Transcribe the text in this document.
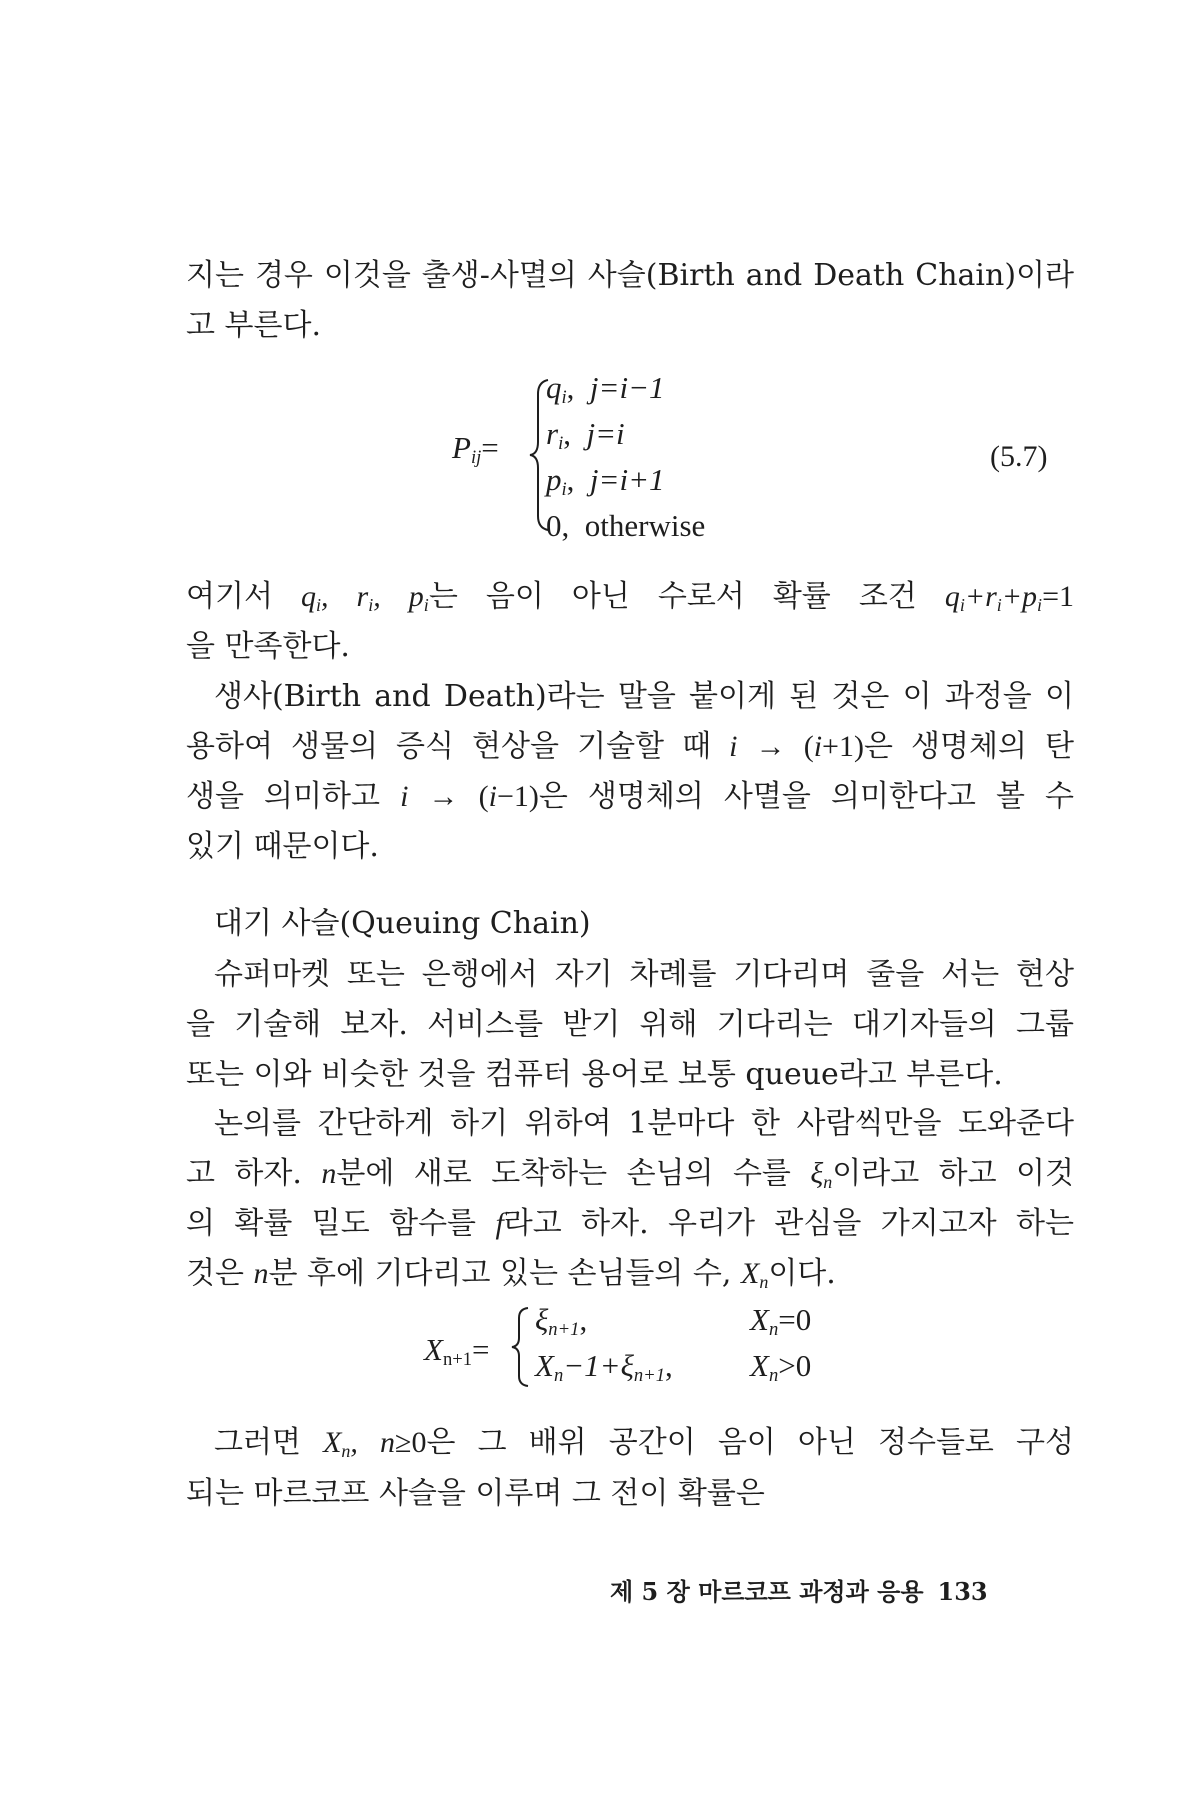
지는 경우 이것을 출생-사멸의 사슬(Birth and Death Chain)이라
고 부른다.
$P_{ij}=$
$q_i$,  j=i−1
$r_i$,  j=i
$p_i$,  j=i+1
0,  otherwise
(5.7)
여기서 $q_i$, $r_i$, $p_i$는 음이 아닌 수로서 확률 조건 $q_i+r_i+p_i=1$
을 만족한다.
생사(Birth and Death)라는 말을 붙이게 된 것은 이 과정을 이
용하여 생물의 증식 현상을 기술할 때 i → (i+1)은 생명체의 탄
생을 의미하고 i → (i−1)은 생명체의 사멸을 의미한다고 볼 수
있기 때문이다.
대기 사슬(Queuing Chain)
슈퍼마켓 또는 은행에서 자기 차례를 기다리며 줄을 서는 현상
을 기술해 보자. 서비스를 받기 위해 기다리는 대기자들의 그룹
또는 이와 비슷한 것을 컴퓨터 용어로 보통 queue라고 부른다.
논의를 간단하게 하기 위하여 1분마다 한 사람씩만을 도와준다
고 하자. n분에 새로 도착하는 손님의 수를 $\xi_n$이라고 하고 이것
의 확률 밀도 함수를 f라고 하자. 우리가 관심을 가지고자 하는
것은 n분 후에 기다리고 있는 손님들의 수, $X_n$이다.
$X_{n+1}=$
$\xi_{n+1}$,	$X_n=0$
$X_n-1+\xi_{n+1}$, $X_n>0$
그러면 $X_n$, n≥0은 그 배위 공간이 음이 아닌 정수들로 구성
되는 마르코프 사슬을 이루며 그 전이 확률은
제 5 장 마르코프 과정과 응용 133
